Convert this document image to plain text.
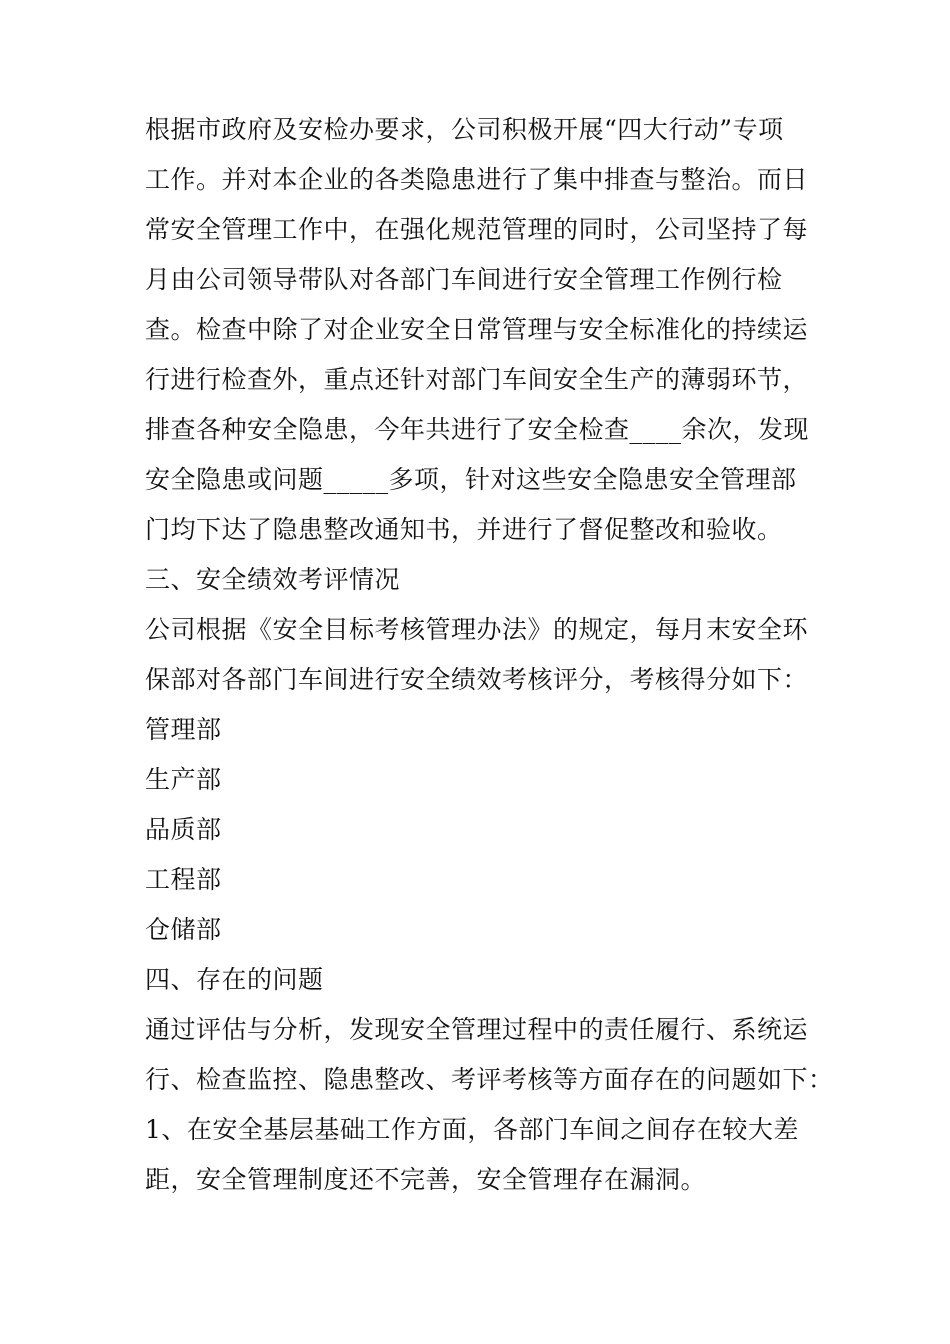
根据市政府及安检办要求，公司积极开展“四大行动”专项
工作。并对本企业的各类隐患进行了集中排查与整治。而日
常安全管理工作中，在强化规范管理的同时，公司坚持了每
月由公司领导带队对各部门车间进行安全管理工作例行检
查。检查中除了对企业安全日常管理与安全标准化的持续运
行进行检查外，重点还针对部门车间安全生产的薄弱环节，
排查各种安全隐患，今年共进行了安全检查____余次，发现
安全隐患或问题_____多项，针对这些安全隐患安全管理部
门均下达了隐患整改通知书，并进行了督促整改和验收。
三、安全绩效考评情况
公司根据《安全目标考核管理办法》的规定，每月末安全环
保部对各部门车间进行安全绩效考核评分，考核得分如下：
管理部
生产部
品质部
工程部
仓储部
四、存在的问题
通过评估与分析，发现安全管理过程中的责任履行、系统运
行、检查监控、隐患整改、考评考核等方面存在的问题如下：
1、在安全基层基础工作方面，各部门车间之间存在较大差
距，安全管理制度还不完善，安全管理存在漏洞。
